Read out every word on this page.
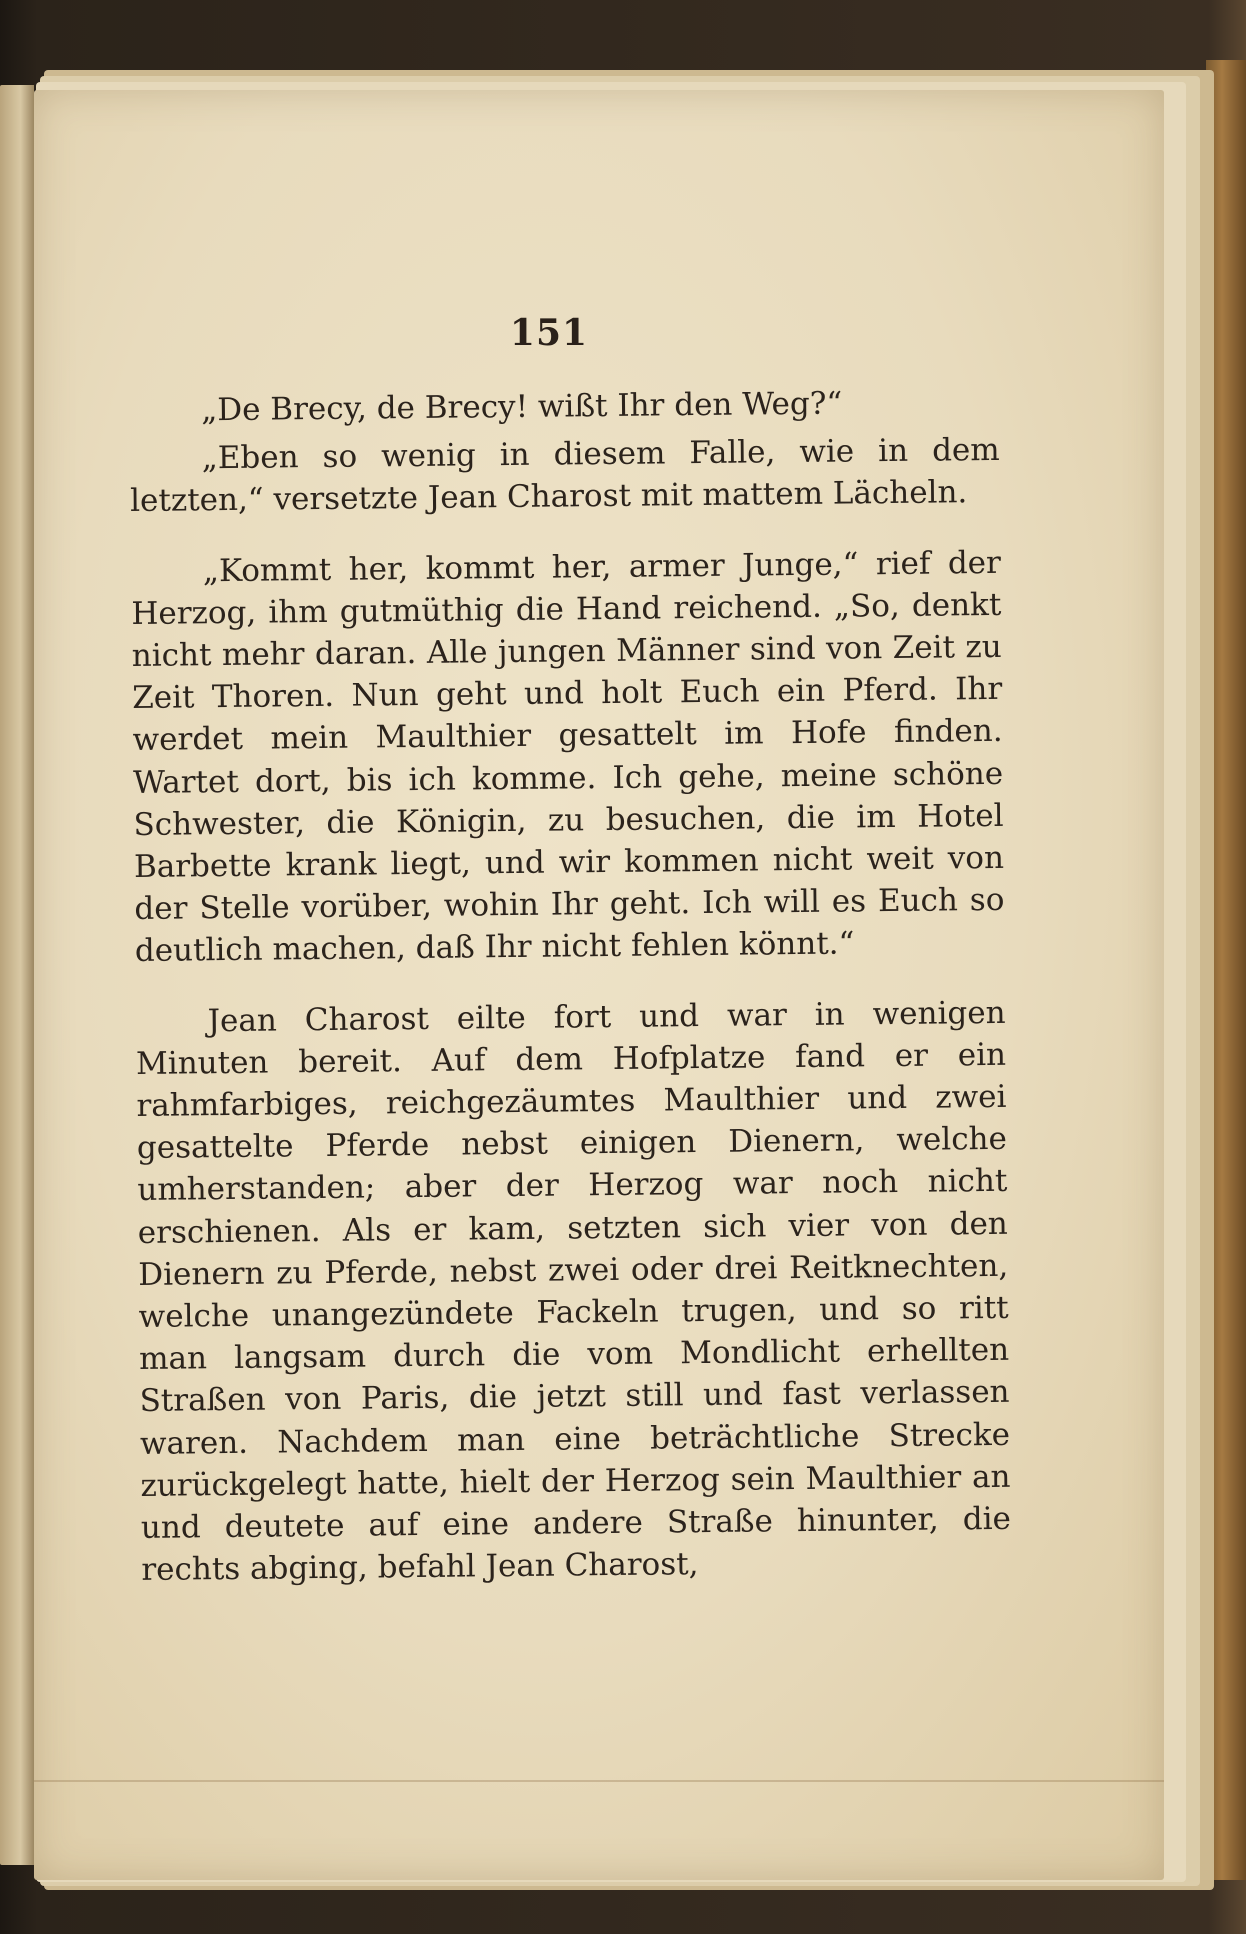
151

„De Brecy, de Brecy! wißt Ihr den Weg?“

„Eben so wenig in diesem Falle, wie in dem letzten,“ versetzte Jean Charost mit mattem Lächeln.

„Kommt her, kommt her, armer Junge,“ rief der Herzog, ihm gutmüthig die Hand reichend. „So, denkt nicht mehr daran. Alle jungen Männer sind von Zeit zu Zeit Thoren. Nun geht und holt Euch ein Pferd. Ihr werdet mein Maulthier gesattelt im Hofe finden. Wartet dort, bis ich komme. Ich gehe, meine schöne Schwester, die Königin, zu besuchen, die im Hotel Barbette krank liegt, und wir kommen nicht weit von der Stelle vorüber, wohin Ihr geht. Ich will es Euch so deutlich machen, daß Ihr nicht fehlen könnt.“

Jean Charost eilte fort und war in wenigen Minuten bereit. Auf dem Hofplatze fand er ein rahmfarbiges, reichgezäumtes Maulthier und zwei gesattelte Pferde nebst einigen Dienern, welche umherstanden; aber der Herzog war noch nicht erschienen. Als er kam, setzten sich vier von den Dienern zu Pferde, nebst zwei oder drei Reitknechten, welche unangezündete Fackeln trugen, und so ritt man langsam durch die vom Mondlicht erhellten Straßen von Paris, die jetzt still und fast verlassen waren. Nachdem man eine beträchtliche Strecke zurückgelegt hatte, hielt der Herzog sein Maulthier an und deutete auf eine andere Straße hinunter, die rechts abging, befahl Jean Charost,
